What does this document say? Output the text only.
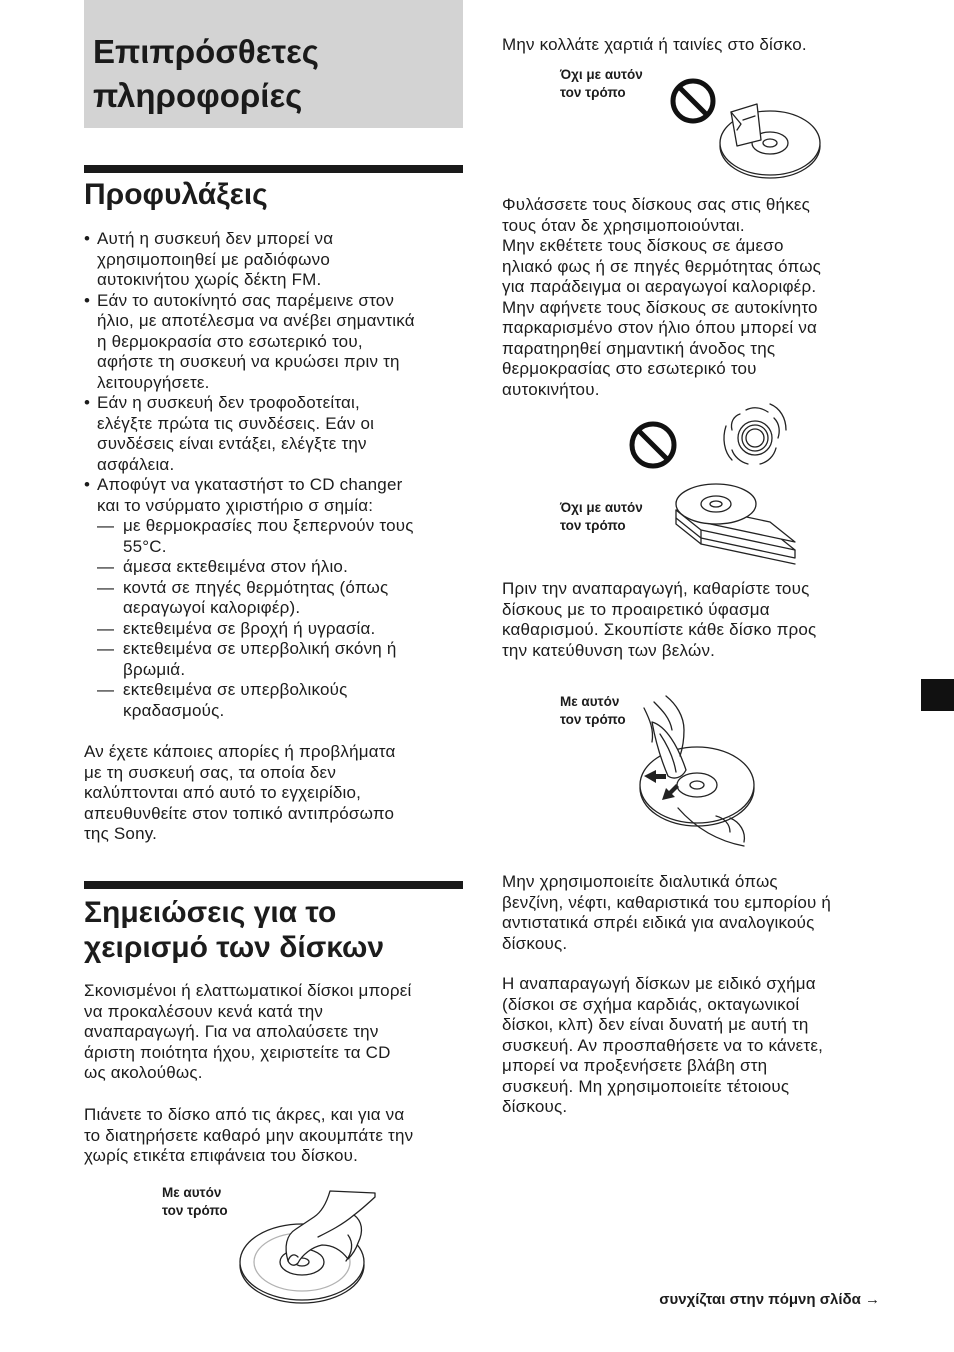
Επιπρόσθετες
πληροφορίες
Προφυλάξεις
• Αυτή η συσκευή δεν μπορεί να
χρησιμοποιηθεί με ραδιόφωνο
αυτοκινήτου χωρίς δέκτη FM.
• Εάν το αυτοκίνητό σας παρέμεινε στον
ήλιο, με αποτέλεσμα να ανέβει σημαντικά
η θερμοκρασία στο εσωτερικό του,
αφήστε τη συσκευή να κρυώσει πριν τη
λειτουργήσετε.
• Εάν η συσκευή δεν τροφοδοτείται,
ελέγξτε πρώτα τις συνδέσεις. Εάν οι
συνδέσεις είναι εντάξει, ελέγξτε την
ασφάλεια.
• Αποφύγτ να γκαταστήστ το CD changer
και το νσύρματο χιριστήριο σ σημία:
— με θερμοκρασίες που ξεπερνούν τους
55°C.
— άμεσα εκτεθειμένα στον ήλιο.
— κοντά σε πηγές θερμότητας (όπως
αεραγωγοί καλοριφέρ).
— εκτεθειμένα σε βροχή ή υγρασία.
— εκτεθειμένα σε υπερβολική σκόνη ή
βρωμιά.
— εκτεθειμένα σε υπερβολικούς
κραδασμούς.
Αν έχετε κάποιες απορίες ή προβλήματα
με τη συσκευή σας, τα οποία δεν
καλύπτονται από αυτό το εγχειρίδιο,
απευθυνθείτε στον τοπικό αντιπρόσωπο
της Sony.
Σημειώσεις για το
χειρισμό των δίσκων
Σκονισμένοι ή ελαττωματικοί δίσκοι μπορεί
να προκαλέσουν κενά κατά την
αναπαραγωγή. Για να απολαύσετε την
άριστη ποιότητα ήχου, χειριστείτε τα CD
ως ακολούθως.
Πιάνετε το δίσκο από τις άκρες, και για να
το διατηρήσετε καθαρό μην ακουμπάτε την
χωρίς ετικέτα επιφάνεια του δίσκου.
Με αυτόν
τον τρόπο
Μην κολλάτε χαρτιά ή ταινίες στο δίσκο.
Όχι με αυτόν
τον τρόπο
Φυλάσσετε τους δίσκους σας στις θήκες
τους όταν δε χρησιμοποιούνται.
Μην εκθέτετε τους δίσκους σε άμεσο
ηλιακό φως ή σε πηγές θερμότητας όπως
για παράδειγμα οι αεραγωγοί καλοριφέρ.
Μην αφήνετε τους δίσκους σε αυτοκίνητο
παρκαρισμένο στον ήλιο όπου μπορεί να
παρατηρηθεί σημαντική άνοδος της
θερμοκρασίας στο εσωτερικό του
αυτοκινήτου.
Όχι με αυτόν
τον τρόπο
Πριν την αναπαραγωγή, καθαρίστε τους
δίσκους με το προαιρετικό ύφασμα
καθαρισμού. Σκουπίστε κάθε δίσκο προς
την κατεύθυνση των βελών.
Με αυτόν
τον τρόπο
Μην χρησιμοποιείτε διαλυτικά όπως
βενζίνη, νέφτι, καθαριστικά του εμπορίου ή
αντιστατικά σπρέι ειδικά για αναλογικούς
δίσκους.
Η αναπαραγωγή δίσκων με ειδικό σχήμα
(δίσκοι σε σχήμα καρδιάς, οκταγωνικοί
δίσκοι, κλπ) δεν είναι δυνατή με αυτή τη
συσκευή. Αν προσπαθήσετε να το κάνετε,
μπορεί να προξενήσετε βλάβη στη
συσκευή. Μη χρησιμοποιείτε τέτοιους
δίσκους.
συνχίζται στην πόμνη σλίδα →
